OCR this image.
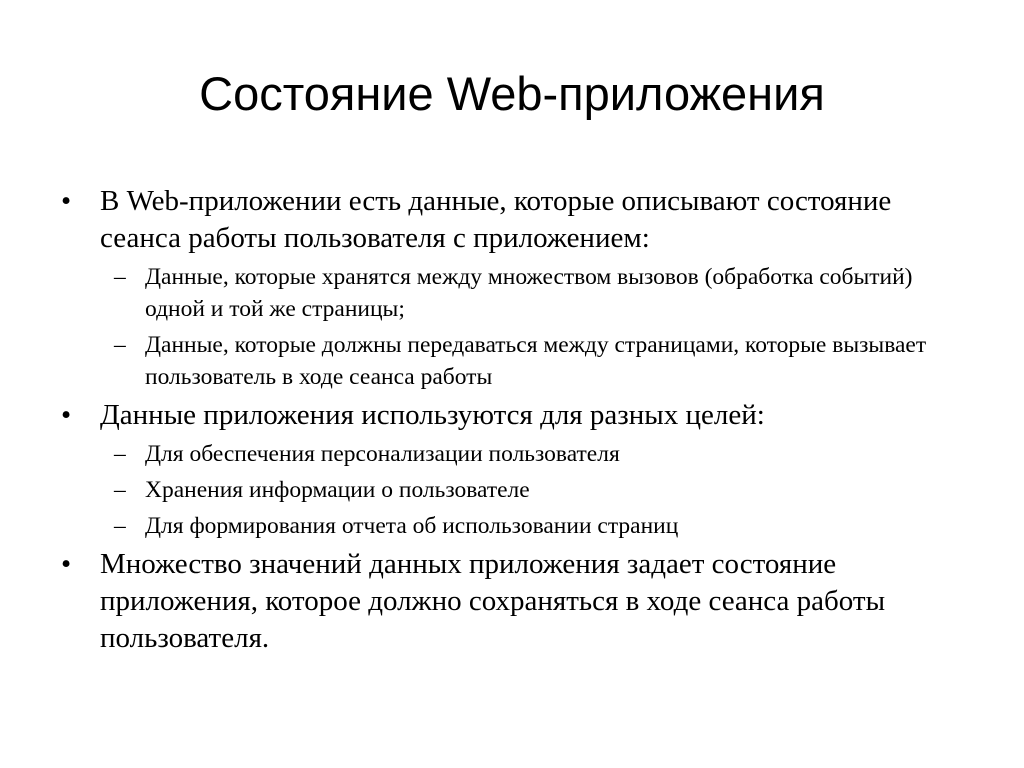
Состояние Web-приложения
• В Web-приложении есть данные, которые описывают состояние сеанса работы пользователя с приложением:
– Данные, которые хранятся между множеством вызовов (обработка событий) одной и той же страницы;
– Данные, которые должны передаваться между страницами, которые вызывает пользователь в ходе сеанса работы
• Данные приложения используются для разных целей:
– Для обеспечения персонализации пользователя
– Хранения информации о пользователе
– Для формирования отчета об использовании страниц
• Множество значений данных приложения задает состояние приложения, которое должно сохраняться в ходе сеанса работы пользователя.
